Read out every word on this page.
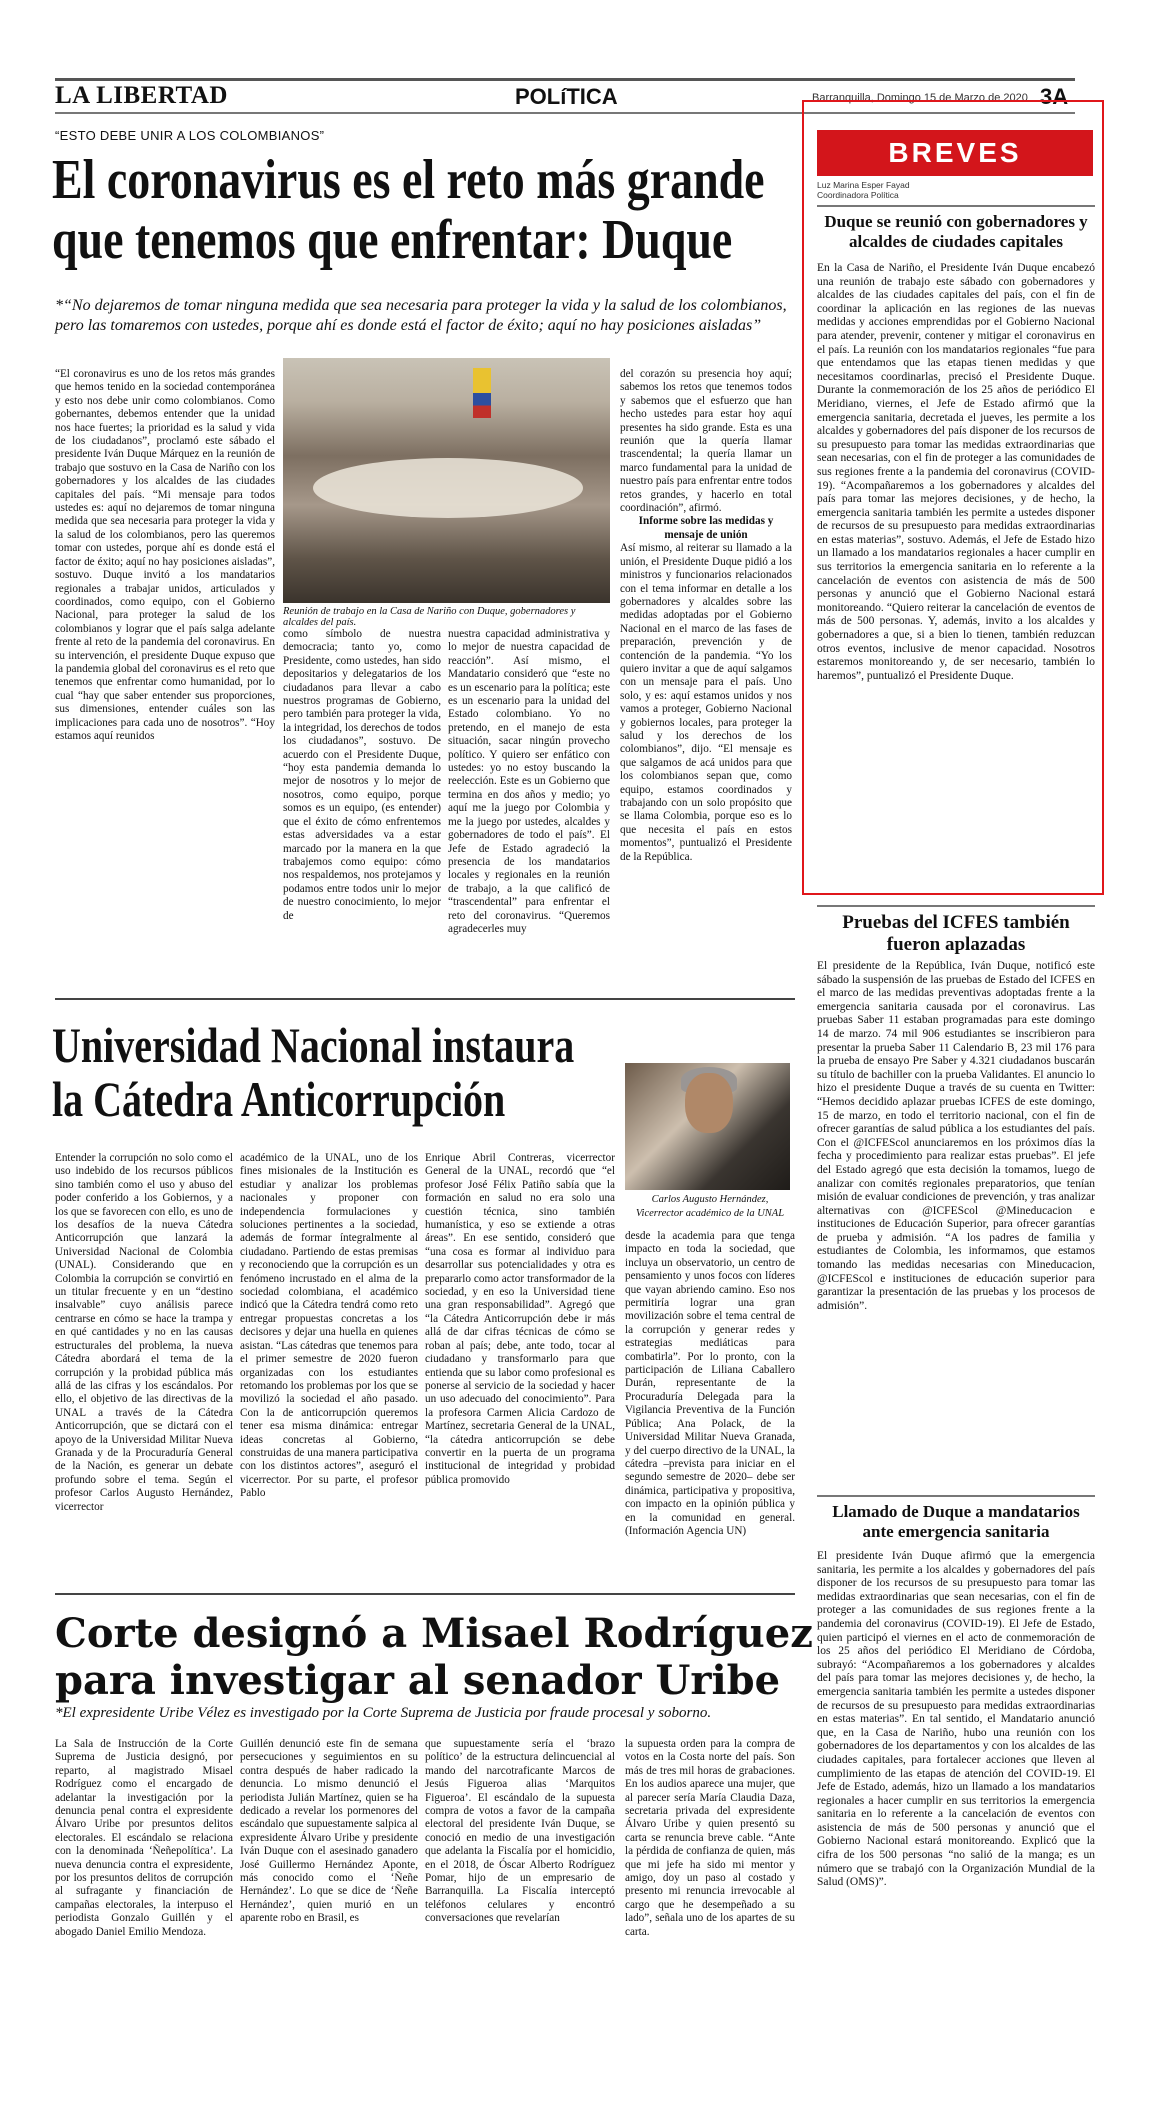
LA LIBERTAD	POLíTICA	Barranquilla, Domingo 15 de Marzo de 2020 3A
“ESTO DEBE UNIR A LOS COLOMBIANOS”
El coronavirus es el reto más grande
que tenemos que enfrentar: Duque
*“No dejaremos de tomar ninguna medida que sea necesaria para proteger la vida y la salud de los colombianos, pero las tomaremos con ustedes, porque ahí es donde está el factor de éxito; aquí no hay posiciones aisladas”
“El coronavirus es uno de los retos más grandes que hemos tenido en la sociedad contemporánea y esto nos debe unir como colombianos. Como gobernantes, debemos entender que la unidad nos hace fuertes; la prioridad es la salud y vida de los ciudadanos”, proclamó este sábado el presidente Iván Duque Márquez en la reunión de trabajo que sostuvo en la Casa de Nariño con los gobernadores y los alcaldes de las ciudades capitales del país. “Mi mensaje para todos ustedes es: aquí no dejaremos de tomar ninguna medida que sea necesaria para proteger la vida y la salud de los colombianos, pero las queremos tomar con ustedes, porque ahí es donde está el factor de éxito; aquí no hay posiciones aisladas”, sostuvo. Duque invitó a los mandatarios regionales a trabajar unidos, articulados y coordinados, como equipo, con el Gobierno Nacional, para proteger la salud de los colombianos y lograr que el país salga adelante frente al reto de la pandemia del coronavirus. En su intervención, el presidente Duque expuso que la pandemia global del coronavirus es el reto que tenemos que enfrentar como humanidad, por lo cual “hay que saber entender sus proporciones, sus dimensiones, entender cuáles son las implicaciones para cada uno de nosotros”. “Hoy estamos aquí reunidos
Reunión de trabajo en la Casa de Nariño con Duque, gobernadores y alcaldes del país.
como símbolo de nuestra democracia; tanto yo, como Presidente, como ustedes, han sido depositarios y delegatarios de los ciudadanos para llevar a cabo nuestros programas de Gobierno, pero también para proteger la vida, la integridad, los derechos de todos los ciudadanos”, sostuvo. De acuerdo con el Presidente Duque, “hoy esta pandemia demanda lo mejor de nosotros y lo mejor de nosotros, como equipo, porque somos es un equipo, (es entender) que el éxito de cómo enfrentemos estas adversidades va a estar marcado por la manera en la que trabajemos como equipo: cómo nos respaldemos, nos protejamos y podamos entre todos unir lo mejor de nuestro conocimiento, lo mejor de
nuestra capacidad administrativa y lo mejor de nuestra capacidad de reacción”. Así mismo, el Mandatario consideró que “este no es un escenario para la política; este es un escenario para la unidad del Estado colombiano. Yo no pretendo, en el manejo de esta situación, sacar ningún provecho político. Y quiero ser enfático con ustedes: yo no estoy buscando la reelección. Este es un Gobierno que termina en dos años y medio; yo aquí me la juego por Colombia y me la juego por ustedes, alcaldes y gobernadores de todo el país”. El Jefe de Estado agradeció la presencia de los mandatarios locales y regionales en la reunión de trabajo, a la que calificó de “trascendental” para enfrentar el reto del coronavirus. “Queremos agradecerles muy
del corazón su presencia hoy aquí; sabemos los retos que tenemos todos y sabemos que el esfuerzo que han hecho ustedes para estar hoy aquí presentes ha sido grande. Esta es una reunión que la quería llamar trascendental; la quería llamar un marco fundamental para la unidad de nuestro país para enfrentar entre todos retos grandes, y hacerlo en total coordinación”, afirmó.
Informe sobre las medidas y mensaje de unión
Así mismo, al reiterar su llamado a la unión, el Presidente Duque pidió a los ministros y funcionarios relacionados con el tema informar en detalle a los gobernadores y alcaldes sobre las medidas adoptadas por el Gobierno Nacional en el marco de las fases de preparación, prevención y de contención de la pandemia. “Yo los quiero invitar a que de aquí salgamos con un mensaje para el país. Uno solo, y es: aquí estamos unidos y nos vamos a proteger, Gobierno Nacional y gobiernos locales, para proteger la salud y los derechos de los colombianos”, dijo. “El mensaje es que salgamos de acá unidos para que los colombianos sepan que, como equipo, estamos coordinados y trabajando con un solo propósito que se llama Colombia, porque eso es lo que necesita el país en estos momentos”, puntualizó el Presidente de la República.
Universidad Nacional instaura
la Cátedra Anticorrupción
Carlos Augusto Hernández,
Vicerrector académico de la UNAL
Entender la corrupción no solo como el uso indebido de los recursos públicos sino también como el uso y abuso del poder conferido a los Gobiernos, y a los que se favorecen con ello, es uno de los desafíos de la nueva Cátedra Anticorrupción que lanzará la Universidad Nacional de Colombia (UNAL). Considerando que en Colombia la corrupción se convirtió en un titular frecuente y en un “destino insalvable” cuyo análisis parece centrarse en cómo se hace la trampa y en qué cantidades y no en las causas estructurales del problema, la nueva Cátedra abordará el tema de la corrupción y la probidad pública más allá de las cifras y los escándalos. Por ello, el objetivo de las directivas de la UNAL a través de la Cátedra Anticorrupción, que se dictará con el apoyo de la Universidad Militar Nueva Granada y de la Procuraduría General de la Nación, es generar un debate profundo sobre el tema. Según el profesor Carlos Augusto Hernández, vicerrector
académico de la UNAL, uno de los fines misionales de la Institución es estudiar y analizar los problemas nacionales y proponer con independencia formulaciones y soluciones pertinentes a la sociedad, además de formar íntegralmente al ciudadano. Partiendo de estas premisas y reconociendo que la corrupción es un fenómeno incrustado en el alma de la sociedad colombiana, el académico indicó que la Cátedra tendrá como reto entregar propuestas concretas a los decisores y dejar una huella en quienes asistan. “Las cátedras que tenemos para el primer semestre de 2020 fueron organizadas con los estudiantes retomando los problemas por los que se movilizó la sociedad el año pasado. Con la de anticorrupción queremos tener esa misma dinámica: entregar ideas concretas al Gobierno, construidas de una manera participativa con los distintos actores”, aseguró el vicerrector. Por su parte, el profesor Pablo
Enrique Abril Contreras, vicerrector General de la UNAL, recordó que “el profesor José Félix Patiño sabía que la formación en salud no era solo una cuestión técnica, sino también humanística, y eso se extiende a otras áreas”. En ese sentido, consideró que “una cosa es formar al individuo para desarrollar sus potencialidades y otra es prepararlo como actor transformador de la sociedad, y en eso la Universidad tiene una gran responsabilidad”. Agregó que “la Cátedra Anticorrupción debe ir más allá de dar cifras técnicas de cómo se roban al país; debe, ante todo, tocar al ciudadano y transformarlo para que entienda que su labor como profesional es ponerse al servicio de la sociedad y hacer un uso adecuado del conocimiento”. Para la profesora Carmen Alicia Cardozo de Martínez, secretaria General de la UNAL, “la cátedra anticorrupción se debe convertir en la puerta de un programa institucional de integridad y probidad pública promovido
desde la academia para que tenga impacto en toda la sociedad, que incluya un observatorio, un centro de pensamiento y unos focos con líderes que vayan abriendo camino. Eso nos permitiría lograr una gran movilización sobre el tema central de la corrupción y generar redes y estrategias mediáticas para combatirla”. Por lo pronto, con la participación de Liliana Caballero Durán, representante de la Procuraduría Delegada para la Vigilancia Preventiva de la Función Pública; Ana Polack, de la Universidad Militar Nueva Granada, y del cuerpo directivo de la UNAL, la cátedra –prevista para iniciar en el segundo semestre de 2020– debe ser dinámica, participativa y propositiva, con impacto en la opinión pública y en la comunidad en general. (Información Agencia UN)
Corte designó a Misael Rodríguez
para investigar al senador Uribe
*El expresidente Uribe Vélez es investigado por la Corte Suprema de Justicia por fraude procesal y soborno.
La Sala de Instrucción de la Corte Suprema de Justicia designó, por reparto, al magistrado Misael Rodríguez como el encargado de adelantar la investigación por la denuncia penal contra el expresidente Álvaro Uribe por presuntos delitos electorales. El escándalo se relaciona con la denominada ‘Ñeñepolítica’. La nueva denuncia contra el expresidente, por los presuntos delitos de corrupción al sufragante y financiación de campañas electorales, la interpuso el periodista Gonzalo Guillén y el abogado Daniel Emilio Mendoza.
Guillén denunció este fin de semana persecuciones y seguimientos en su contra después de haber radicado la denuncia. Lo mismo denunció el periodista Julián Martínez, quien se ha dedicado a revelar los pormenores del escándalo que supuestamente salpica al expresidente Álvaro Uribe y presidente Iván Duque con el asesinado ganadero José Guillermo Hernández Aponte, más conocido como el ‘Ñeñe Hernández’. Lo que se dice de ‘Ñeñe Hernández’, quien murió en un aparente robo en Brasil, es
que supuestamente sería el ‘brazo político’ de la estructura delincuencial al mando del narcotraficante Marcos de Jesús Figueroa alias ‘Marquitos Figueroa’. El escándalo de la supuesta compra de votos a favor de la campaña electoral del presidente Iván Duque, se conoció en medio de una investigación que adelanta la Fiscalía por el homicidio, en el 2018, de Óscar Alberto Rodríguez Pomar, hijo de un empresario de Barranquilla. La Fiscalía interceptó teléfonos celulares y encontró conversaciones que revelarían
la supuesta orden para la compra de votos en la Costa norte del país. Son más de tres mil horas de grabaciones. En los audios aparece una mujer, que al parecer sería María Claudia Daza, secretaria privada del expresidente Álvaro Uribe y quien presentó su carta se renuncia breve cable. “Ante la pérdida de confianza de quien, más que mi jefe ha sido mi mentor y amigo, doy un paso al costado y presento mi renuncia irrevocable al cargo que he desempeñado a su lado”, señala uno de los apartes de su carta.
BREVES
Luz Marina Esper Fayad
Coordinadora Política
Duque se reunió con gobernadores y alcaldes de ciudades capitales
En la Casa de Nariño, el Presidente Iván Duque encabezó una reunión de trabajo este sábado con gobernadores y alcaldes de las ciudades capitales del país, con el fin de coordinar la aplicación en las regiones de las nuevas medidas y acciones emprendidas por el Gobierno Nacional para atender, prevenir, contener y mitigar el coronavirus en el país. La reunión con los mandatarios regionales “fue para que entendamos que las etapas tienen medidas y que necesitamos coordinarlas, precisó el Presidente Duque. Durante la conmemoración de los 25 años de periódico El Meridiano, viernes, el Jefe de Estado afirmó que la emergencia sanitaria, decretada el jueves, les permite a los alcaldes y gobernadores del país disponer de los recursos de su presupuesto para tomar las medidas extraordinarias que sean necesarias, con el fin de proteger a las comunidades de sus regiones frente a la pandemia del coronavirus (COVID-19). “Acompañaremos a los gobernadores y alcaldes del país para tomar las mejores decisiones, y de hecho, la emergencia sanitaria también les permite a ustedes disponer de recursos de su presupuesto para medidas extraordinarias en estas materias”, sostuvo. Además, el Jefe de Estado hizo un llamado a los mandatarios regionales a hacer cumplir en sus territorios la emergencia sanitaria en lo referente a la cancelación de eventos con asistencia de más de 500 personas y anunció que el Gobierno Nacional estará monitoreando. “Quiero reiterar la cancelación de eventos de más de 500 personas. Y, además, invito a los alcaldes y gobernadores a que, si a bien lo tienen, también reduzcan otros eventos, inclusive de menor capacidad. Nosotros estaremos monitoreando y, de ser necesario, también lo haremos”, puntualizó el Presidente Duque.
Pruebas del ICFES también fueron aplazadas
El presidente de la República, Iván Duque, notificó este sábado la suspensión de las pruebas de Estado del ICFES en el marco de las medidas preventivas adoptadas frente a la emergencia sanitaria causada por el coronavirus. Las pruebas Saber 11 estaban programadas para este domingo 14 de marzo. 74 mil 906 estudiantes se inscribieron para presentar la prueba Saber 11 Calendario B, 23 mil 176 para la prueba de ensayo Pre Saber y 4.321 ciudadanos buscarán su título de bachiller con la prueba Validantes. El anuncio lo hizo el presidente Duque a través de su cuenta en Twitter: “Hemos decidido aplazar pruebas ICFES de este domingo, 15 de marzo, en todo el territorio nacional, con el fin de ofrecer garantías de salud pública a los estudiantes del país. Con el @ICFEScol anunciaremos en los próximos días la fecha y procedimiento para realizar estas pruebas”. El jefe del Estado agregó que esta decisión la tomamos, luego de analizar con comités regionales preparatorios, que tenían misión de evaluar condiciones de prevención, y tras analizar alternativas con @ICFEScol @Mineducacion e instituciones de Educación Superior, para ofrecer garantías de prueba y admisión. “A los padres de familia y estudiantes de Colombia, les informamos, que estamos tomando las medidas necesarias con Mineducacion, @ICFEScol e instituciones de educación superior para garantizar la presentación de las pruebas y los procesos de admisión”.
Llamado de Duque a mandatarios ante emergencia sanitaria
El presidente Iván Duque afirmó que la emergencia sanitaria, les permite a los alcaldes y gobernadores del país disponer de los recursos de su presupuesto para tomar las medidas extraordinarias que sean necesarias, con el fin de proteger a las comunidades de sus regiones frente a la pandemia del coronavirus (COVID-19). El Jefe de Estado, quien participó el viernes en el acto de conmemoración de los 25 años del periódico El Meridiano de Córdoba, subrayó: “Acompañaremos a los gobernadores y alcaldes del país para tomar las mejores decisiones y, de hecho, la emergencia sanitaria también les permite a ustedes disponer de recursos de su presupuesto para medidas extraordinarias en estas materias”. En tal sentido, el Mandatario anunció que, en la Casa de Nariño, hubo una reunión con los gobernadores de los departamentos y con los alcaldes de las ciudades capitales, para fortalecer acciones que lleven al cumplimiento de las etapas de atención del COVID-19. El Jefe de Estado, además, hizo un llamado a los mandatarios regionales a hacer cumplir en sus territorios la emergencia sanitaria en lo referente a la cancelación de eventos con asistencia de más de 500 personas y anunció que el Gobierno Nacional estará monitoreando. Explicó que la cifra de los 500 personas “no salió de la manga; es un número que se trabajó con la Organización Mundial de la Salud (OMS)”.
